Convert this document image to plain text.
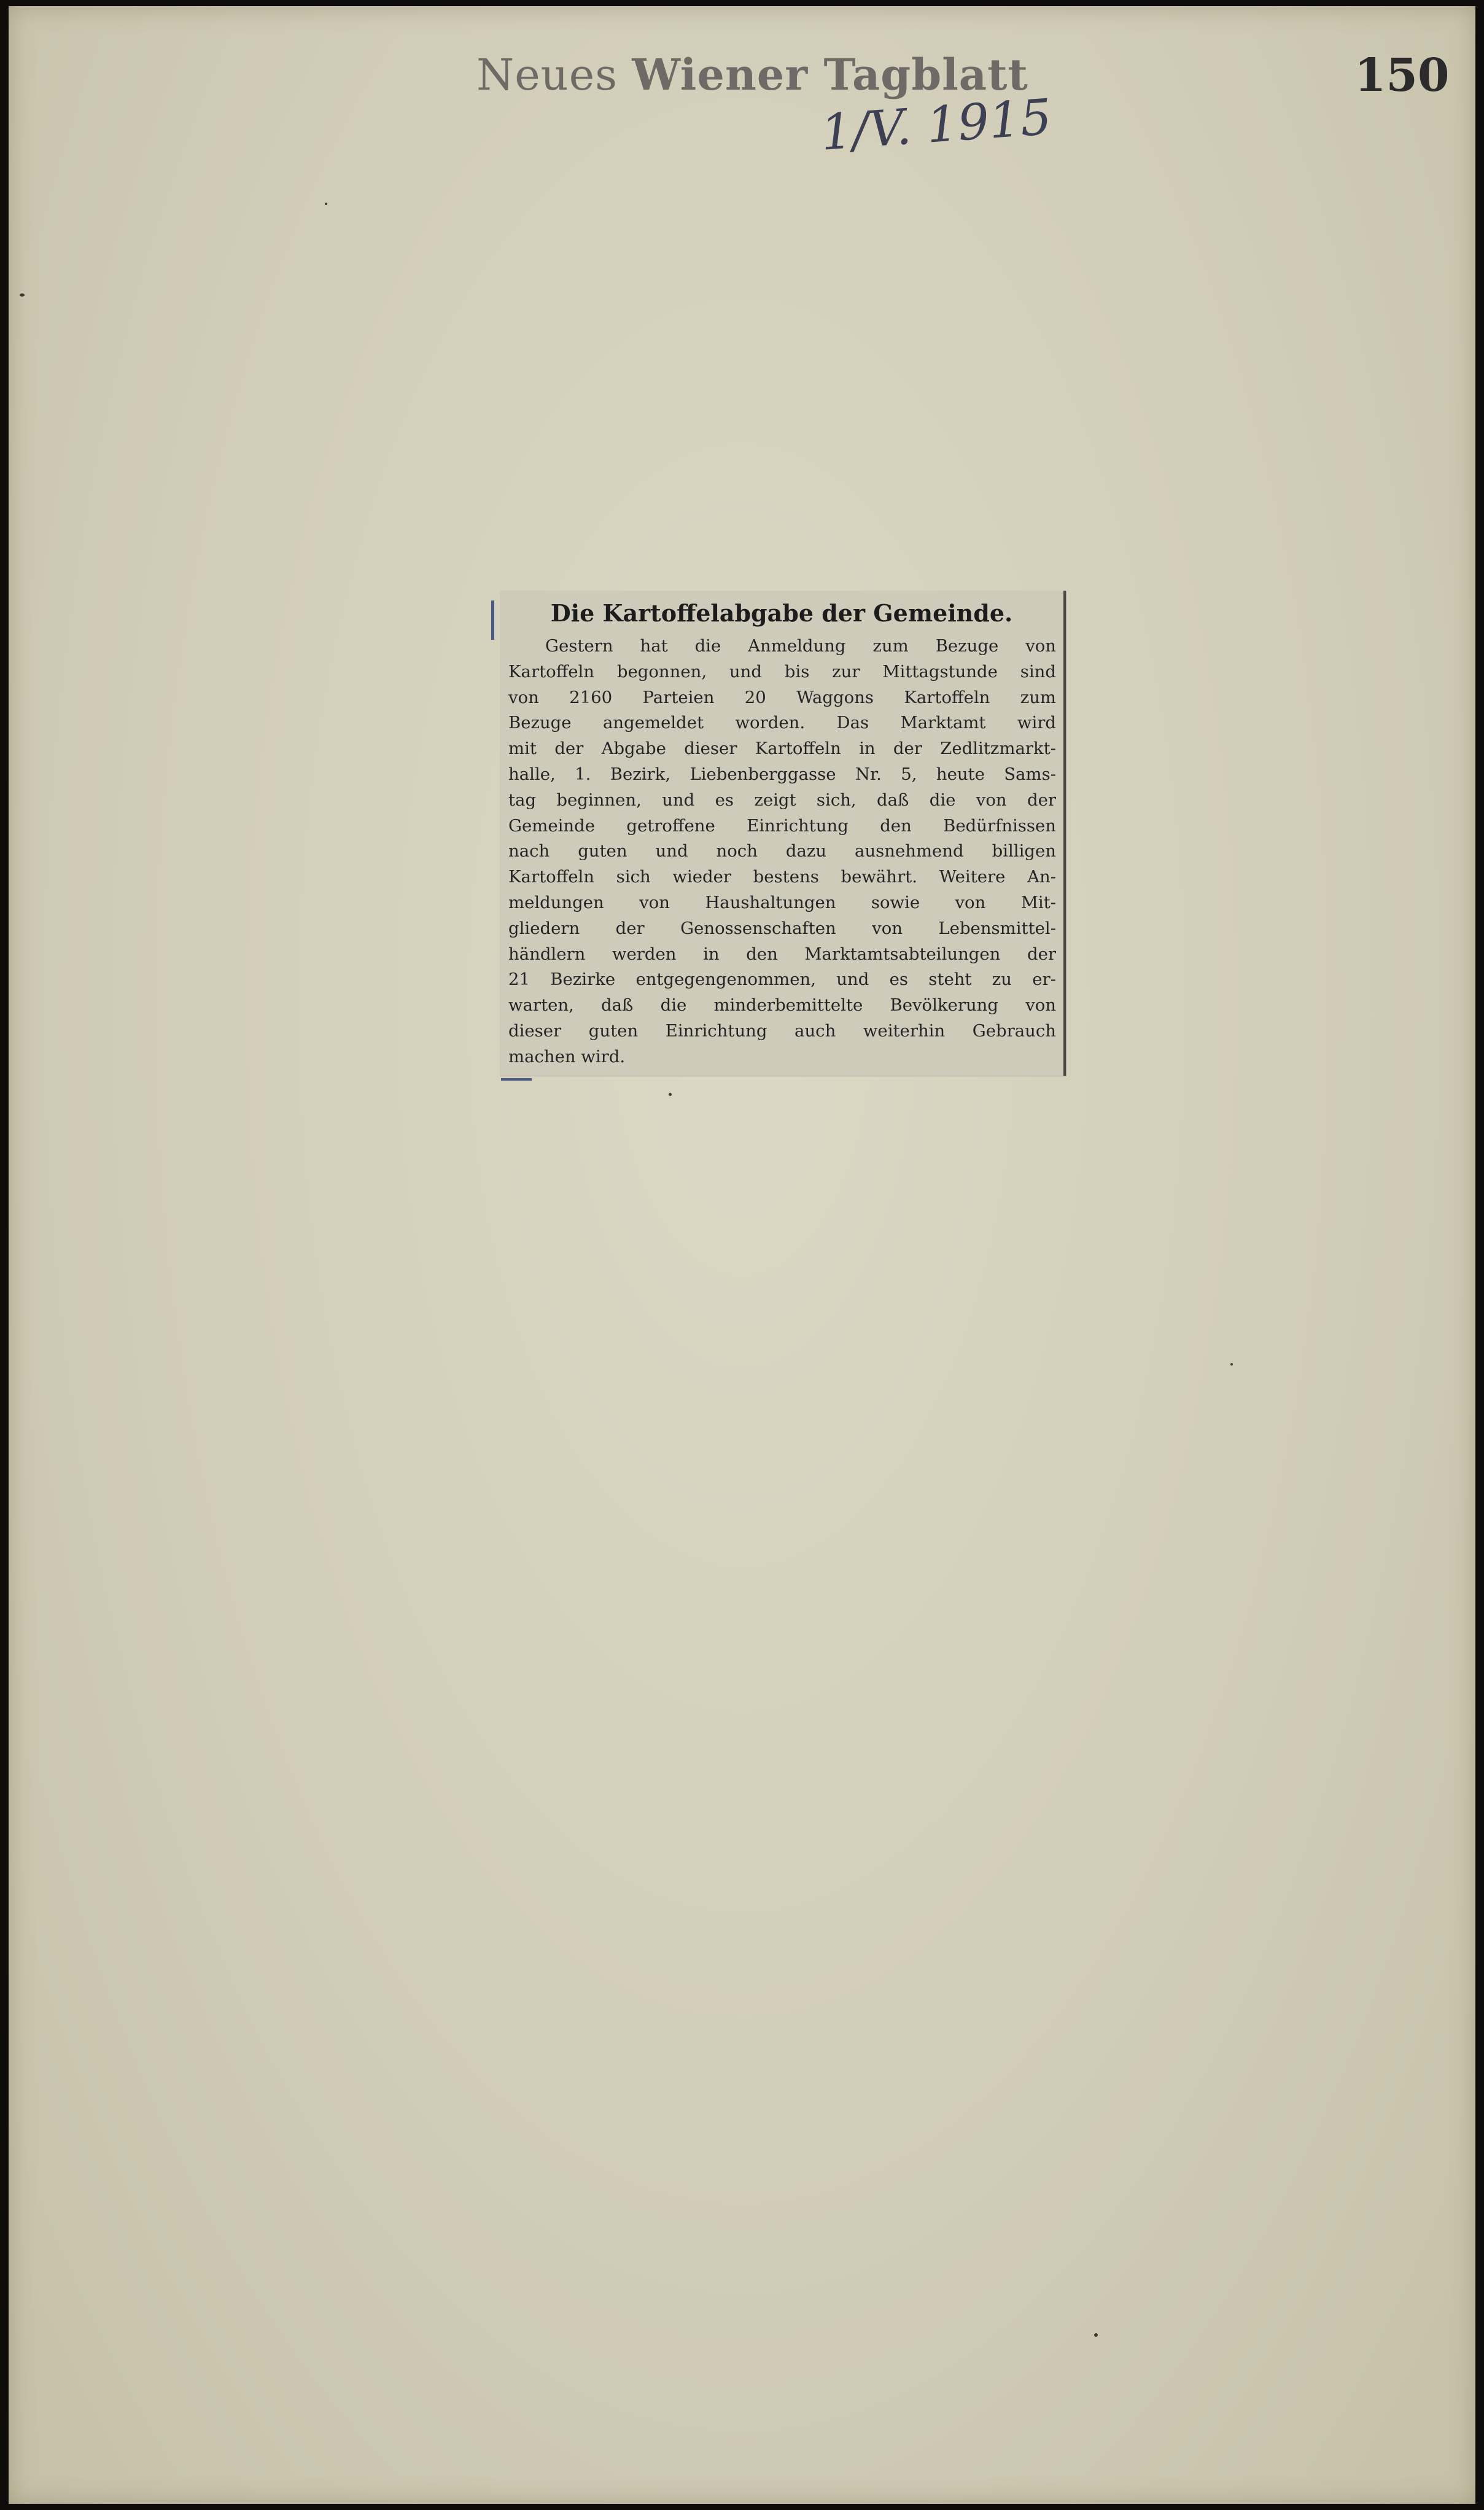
Neues Wiener Tagblatt	150
1/V. 1915
Die Kartoffelabgabe der Gemeinde.
Gestern hat die Anmeldung zum Bezuge von
Kartoffeln begonnen, und bis zur Mittagstunde sind
von 2160 Parteien 20 Waggons Kartoffeln zum
Bezuge angemeldet worden. Das Marktamt wird
mit der Abgabe dieser Kartoffeln in der Zedlitzmarkt-
halle, 1. Bezirk, Liebenberggasse Nr. 5, heute Sams-
tag beginnen, und es zeigt sich, daß die von der
Gemeinde getroffene Einrichtung den Bedürfnissen
nach guten und noch dazu ausnehmend billigen
Kartoffeln sich wieder bestens bewährt. Weitere An-
meldungen von Haushaltungen sowie von Mit-
gliedern der Genossenschaften von Lebensmittel-
händlern werden in den Marktamtsabteilungen der
21 Bezirke entgegengenommen, und es steht zu er-
warten, daß die minderbemittelte Bevölkerung von
dieser guten Einrichtung auch weiterhin Gebrauch
machen wird.
